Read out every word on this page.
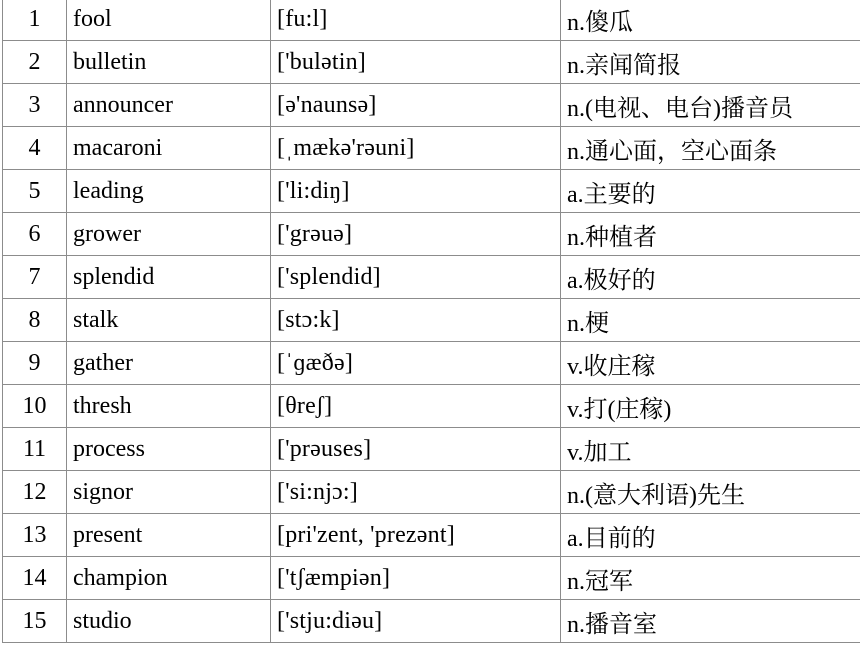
1	fool	[fu:l]	n.傻瓜
2	bulletin	['bulətin]	n.亲闻简报
3	announcer	[ə'naunsə]	n.(电视、电台)播音员
4	macaroni	[ˌmækə'rəuni]	n.通心面，空心面条
5	leading	['li:diŋ]	a.主要的
6	grower	['grəuə]	n.种植者
7	splendid	['splendid]	a.极好的
8	stalk	[stɔ:k]	n.梗
9	gather	[ˈɡæðə]	v.收庄稼
10	thresh	[θreʃ]	v.打(庄稼)
11	process	['prəuses]	v.加工
12	signor	['si:njɔ:]	n.(意大利语)先生
13	present	[pri'zent, 'prezənt]	a.目前的
14	champion	['tʃæmpiən]	n.冠军
15	studio	['stju:diəu]	n.播音室
